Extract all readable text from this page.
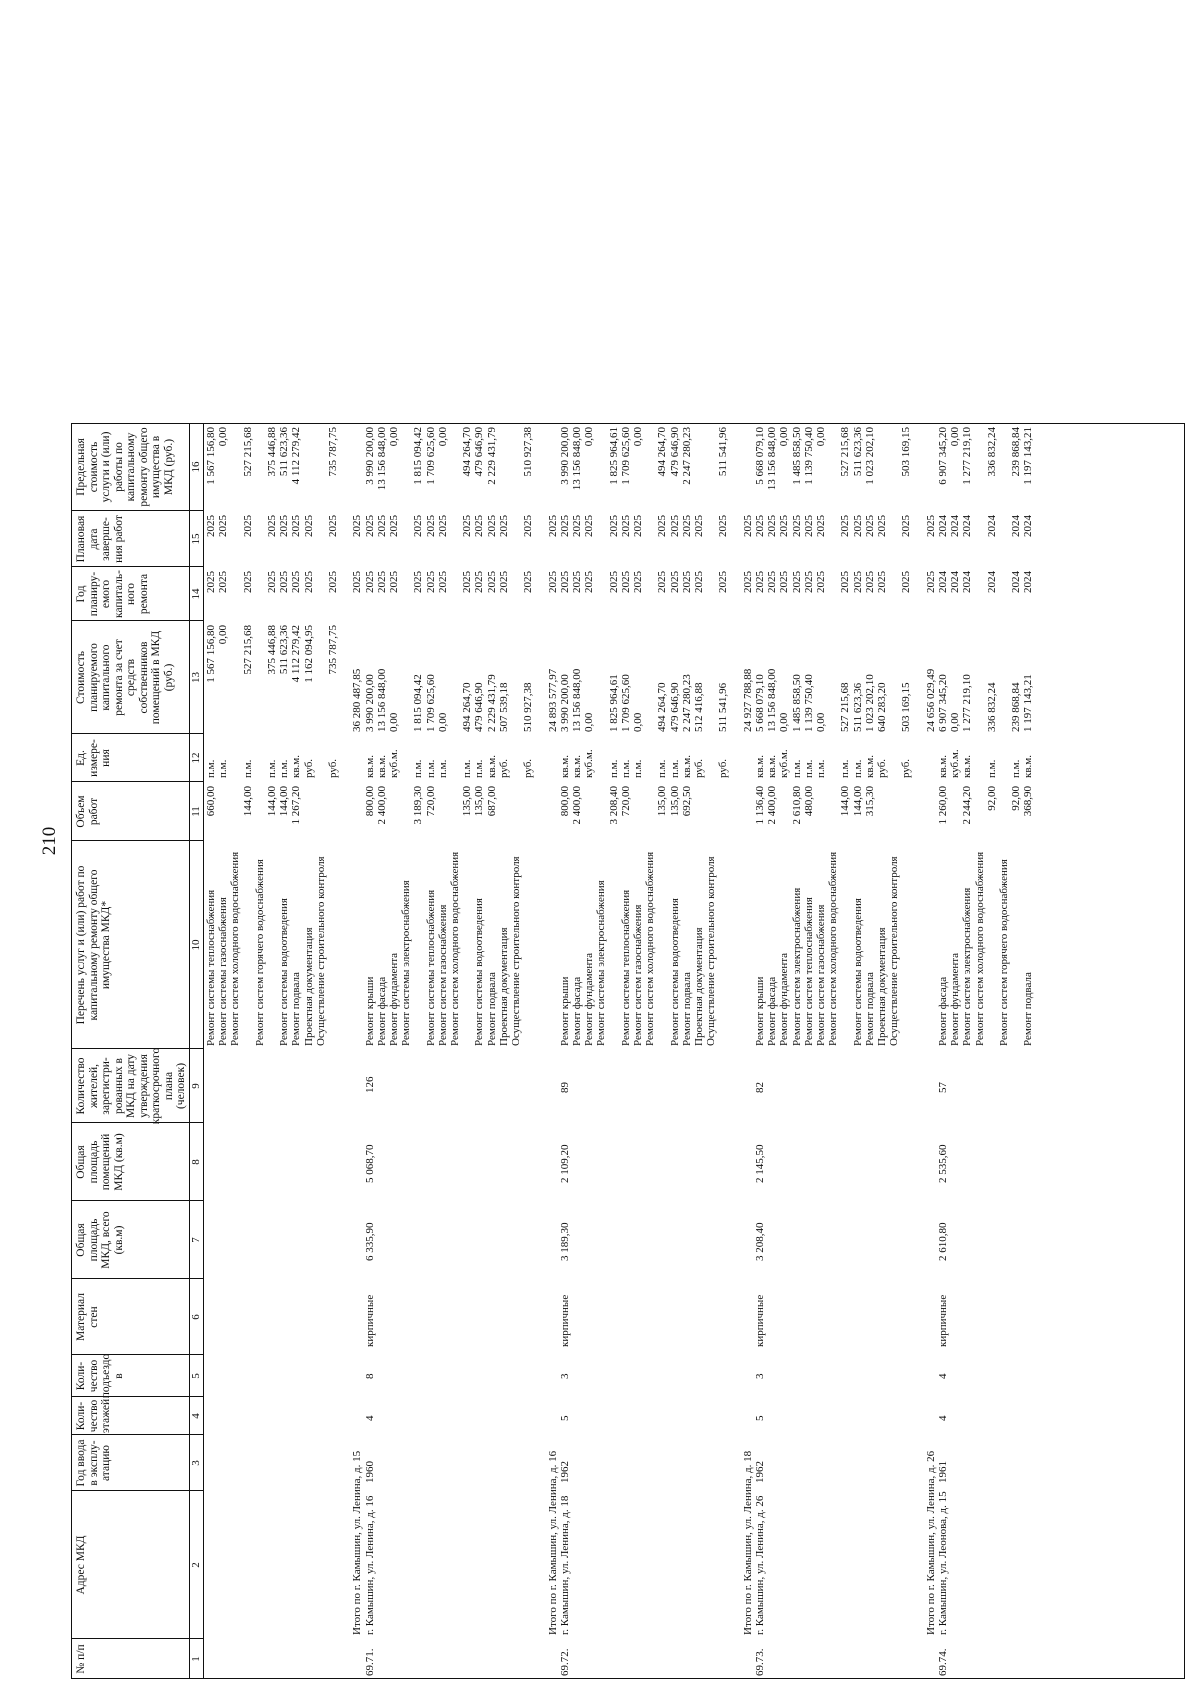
210
№ п/п
Адрес МКД
Год ввода в эксплу-атацию
Коли-чество этажей
Коли-чество подъездо в
Материал стен
Общая площадь МКД, всего (кв.м)
Общая площадь помещений МКД (кв.м)
Количество жителей, зарегистри-рованных в МКД на дату утверждения краткосрочного плана (человек)
Перечень услуг и (или) работ по капитальному ремонту общего имущества МКД*
Объем работ
Ед. измере-ния
Стоимость планируемого капитального ремонта за счет средств собственников помещений в МКД (руб.)
Год планиру-емого капиталь-ного ремонта
Плановая дата заверше-ния работ
Предельная стоимость услуги и (или) работы по капитальному ремонту общего имущества в МКД (руб.)
1
2
3
4
5
6
7
8
9
10
11
12
13
14
15
16
Ремонт системы теплоснабжения
660,00
п.м.
1 567 156,80
2025
2025
1 567 156,80
Ремонт системы газоснабжения
п.м.
0,00
2025
2025
0,00
Ремонт систем холодного водоснабжения
144,00
п.м.
527 215,68
2025
2025
527 215,68
Ремонт систем горячего водоснабжения
144,00
п.м.
375 446,88
2025
2025
375 446,88
Ремонт системы водоотведения
144,00
п.м.
511 623,36
2025
2025
511 623,36
Ремонт подвала
1 267,20
кв.м.
4 112 279,42
2025
2025
4 112 279,42
Проектная документация
руб.
1 162 094,95
2025
2025
Осуществление строительного контроля
руб.
735 787,75
2025
2025
735 787,75
Итого по г. Камышин, ул. Ленина, д. 15
36 280 487,85
2025
2025
69.71.
г. Камышин, ул. Ленина, д. 16
1960
4
8
кирпичные
6 335,90
5 068,70
126
Ремонт крыши
800,00
кв.м.
3 990 200,00
2025
2025
3 990 200,00
Ремонт фасада
2 400,00
кв.м.
13 156 848,00
2025
2025
13 156 848,00
Ремонт фундамента
куб.м.
0,00
2025
2025
0,00
Ремонт системы электроснабжения
3 189,30
п.м.
1 815 094,42
2025
2025
1 815 094,42
Ремонт системы теплоснабжения
720,00
п.м.
1 709 625,60
2025
2025
1 709 625,60
Ремонт систем газоснабжения
п.м.
0,00
2025
2025
0,00
Ремонт систем холодного водоснабжения
135,00
п.м.
494 264,70
2025
2025
494 264,70
Ремонт системы водоотведения
135,00
п.м.
479 646,90
2025
2025
479 646,90
Ремонт подвала
687,00
кв.м.
2 229 431,79
2025
2025
2 229 431,79
Проектная документация
руб.
507 539,18
2025
2025
Осуществление строительного контроля
руб.
510 927,38
2025
2025
510 927,38
Итого по г. Камышин, ул. Ленина, д. 16
24 893 577,97
2025
2025
69.72.
г. Камышин, ул. Ленина, д. 18
1962
5
3
кирпичные
3 189,30
2 109,20
89
Ремонт крыши
800,00
кв.м.
3 990 200,00
2025
2025
3 990 200,00
Ремонт фасада
2 400,00
кв.м.
13 156 848,00
2025
2025
13 156 848,00
Ремонт фундамента
куб.м.
0,00
2025
2025
0,00
Ремонт системы электроснабжения
3 208,40
п.м.
1 825 964,61
2025
2025
1 825 964,61
Ремонт системы теплоснабжения
720,00
п.м.
1 709 625,60
2025
2025
1 709 625,60
Ремонт систем газоснабжения
п.м.
0,00
2025
2025
0,00
Ремонт систем холодного водоснабжения
135,00
п.м.
494 264,70
2025
2025
494 264,70
Ремонт системы водоотведения
135,00
п.м.
479 646,90
2025
2025
479 646,90
Ремонт подвала
692,50
кв.м.
2 247 280,23
2025
2025
2 247 280,23
Проектная документация
руб.
512 416,88
2025
2025
Осуществление строительного контроля
руб.
511 541,96
2025
2025
511 541,96
Итого по г. Камышин, ул. Ленина, д. 18
24 927 788,88
2025
2025
69.73.
г. Камышин, ул. Ленина, д. 26
1962
5
3
кирпичные
3 208,40
2 145,50
82
Ремонт крыши
1 136,40
кв.м.
5 668 079,10
2025
2025
5 668 079,10
Ремонт фасада
2 400,00
кв.м.
13 156 848,00
2025
2025
13 156 848,00
Ремонт фундамента
куб.м.
0,00
2025
2025
0,00
Ремонт систем электроснабжения
2 610,80
п.м.
1 485 858,50
2025
2025
1 485 858,50
Ремонт систем теплоснабжения
480,00
п.м.
1 139 750,40
2025
2025
1 139 750,40
Ремонт систем газоснабжения
п.м.
0,00
2025
2025
0,00
Ремонт систем холодного водоснабжения
144,00
п.м.
527 215,68
2025
2025
527 215,68
Ремонт системы водоотведения
144,00
п.м.
511 623,36
2025
2025
511 623,36
Ремонт подвала
315,30
кв.м.
1 023 202,10
2025
2025
1 023 202,10
Проектная документация
руб.
640 283,20
2025
2025
Осуществление строительного контроля
руб.
503 169,15
2025
2025
503 169,15
Итого по г. Камышин, ул. Ленина, д. 26
24 656 029,49
2025
2025
69.74.
г. Камышин, ул. Леонова, д. 15
1961
4
4
кирпичные
2 610,80
2 535,60
57
Ремонт фасада
1 260,00
кв.м.
6 907 345,20
2024
2024
6 907 345,20
Ремонт фундамента
куб.м.
0,00
2024
2024
0,00
Ремонт систем электроснабжения
2 244,20
кв.м.
1 277 219,10
2024
2024
1 277 219,10
Ремонт систем холодного водоснабжения
92,00
п.м.
336 832,24
2024
2024
336 832,24
Ремонт систем горячего водоснабжения
92,00
п.м.
239 868,84
2024
2024
239 868,84
Ремонт подвала
368,90
кв.м.
1 197 143,21
2024
2024
1 197 143,21
